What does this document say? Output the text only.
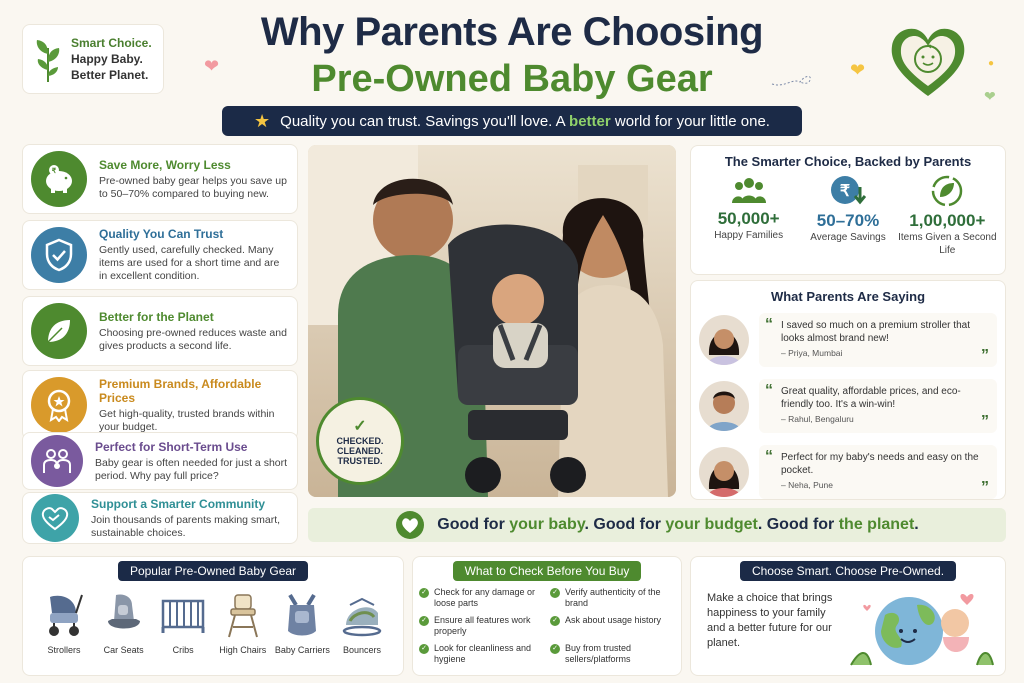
Smart Choice.
Happy Baby.
Better Planet.
Why Parents Are Choosing
Pre-Owned Baby Gear
❤	❤
❤
●
★ Quality you can trust. Savings you'll love. A better world for your little one.
₹	Save More, Worry Less
Pre-owned baby gear helps you save up to 50–70% compared to buying new.
Quality You Can Trust
Gently used, carefully checked. Many items are used for a short time and are in excellent condition.
Better for the Planet
Choosing pre-owned reduces waste and gives products a second life.
Premium Brands, Affordable Prices
Get high-quality, trusted brands within your budget.
Perfect for Short-Term Use
Baby gear is often needed for just a short period. Why pay full price?
Support a Smarter Community
Join thousands of parents making smart, sustainable choices.
✓
CHECKED.
CLEANED.
TRUSTED.
The Smarter Choice, Backed by Parents
50,000+
Happy Families
₹
50–70%
Average Savings
1,00,000+
Items Given a Second Life
What Parents Are Saying
“ I saved so much on a premium stroller that looks almost brand new!
– Priya, Mumbai	”
“ Great quality, affordable prices, and eco-friendly too. It's a win-win!
– Rahul, Bengaluru	”
“ Perfect for my baby's needs and easy on the pocket.
– Neha, Pune	”
Good for your baby. Good for your budget. Good for the planet.
Popular Pre-Owned Baby Gear
Strollers	Car Seats	Cribs	High Chairs Baby Carriers Bouncers
What to Check Before You Buy
✓ Check for any damage or loose parts
✓ Verify authenticity of the brand
✓ Ensure all features work properly
✓ Ask about usage history
✓ Look for cleanliness and hygiene
✓ Buy from trusted sellers/platforms
Choose Smart. Choose Pre-Owned.

Make a choice that brings happiness to your family and a better future for our planet.
